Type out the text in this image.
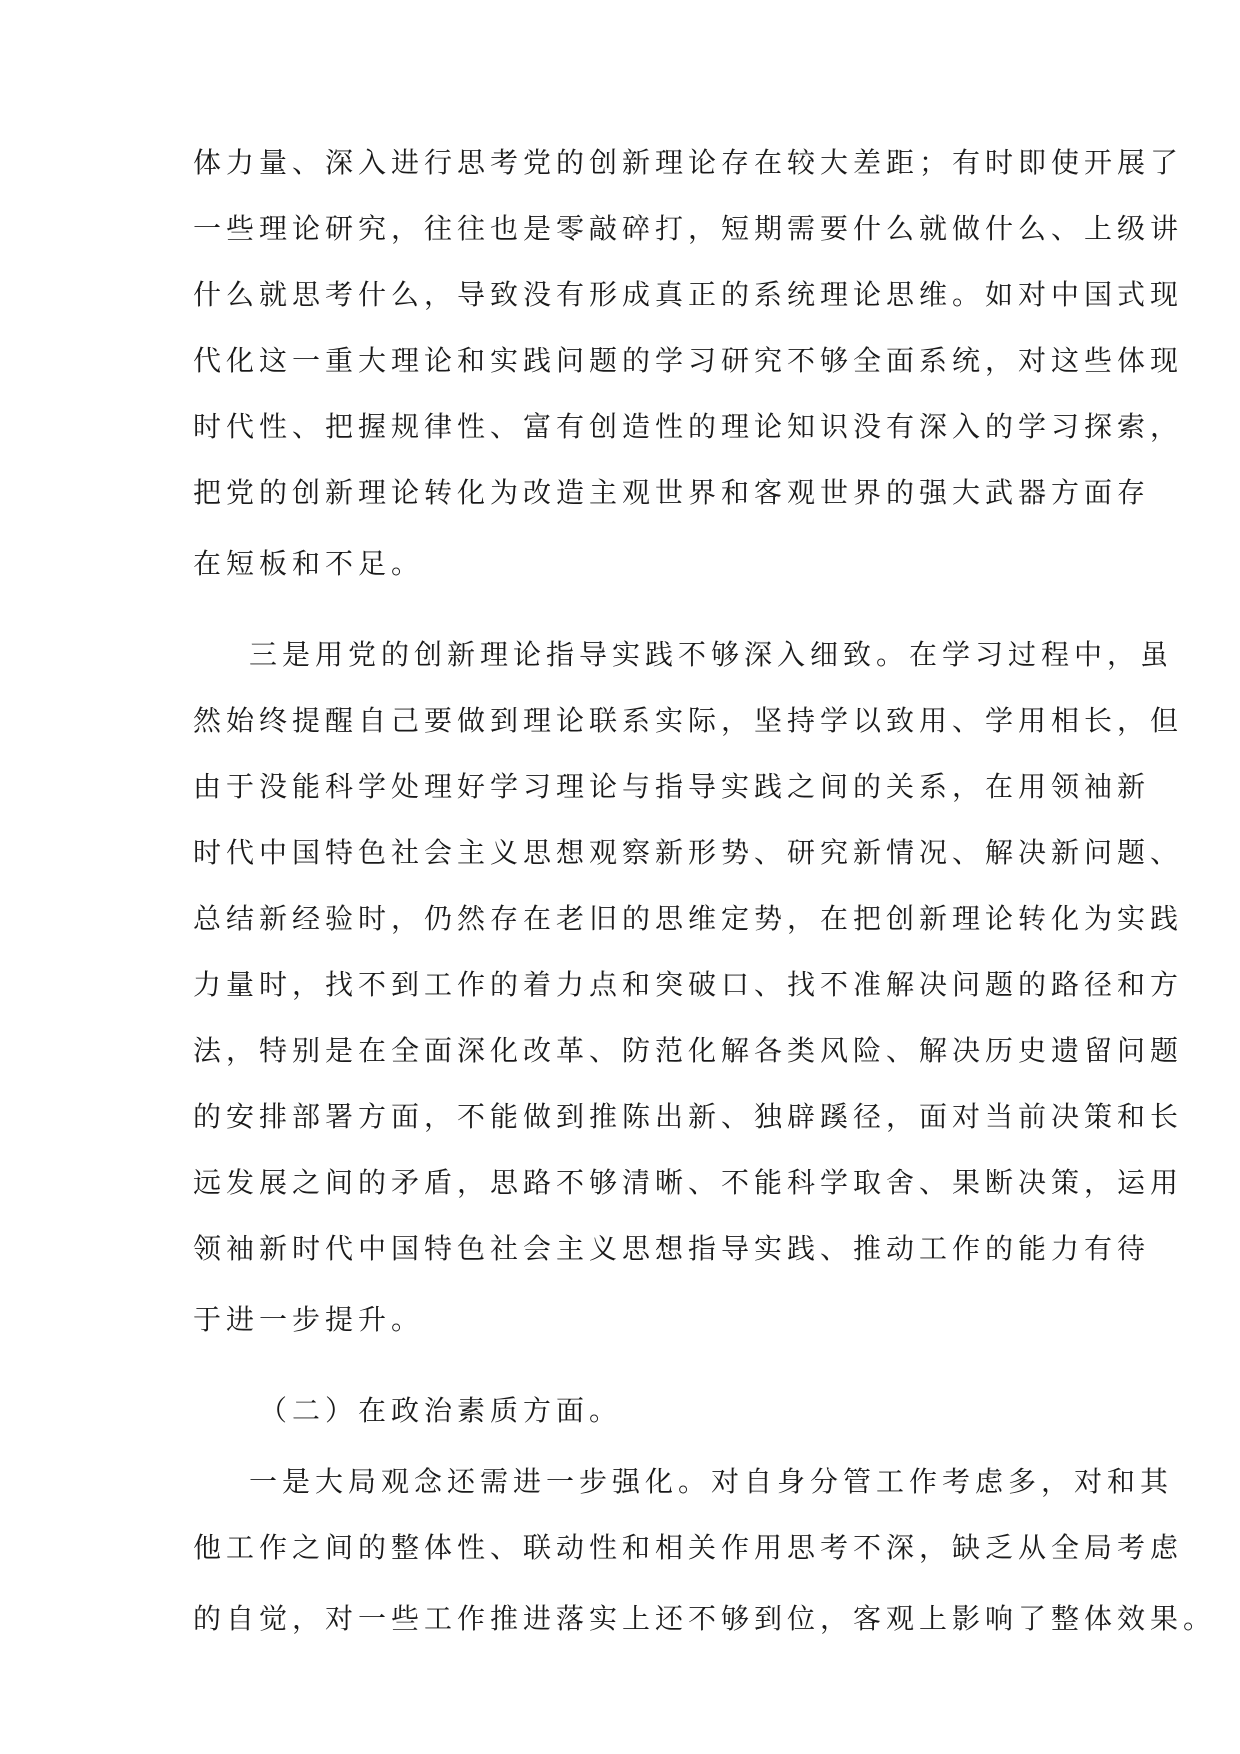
体力量、深入进行思考党的创新理论存在较大差距；有时即使开展了
一些理论研究，往往也是零敲碎打，短期需要什么就做什么、上级讲
什么就思考什么，导致没有形成真正的系统理论思维。如对中国式现
代化这一重大理论和实践问题的学习研究不够全面系统，对这些体现
时代性、把握规律性、富有创造性的理论知识没有深入的学习探索，
把党的创新理论转化为改造主观世界和客观世界的强大武器方面存
在短板和不足。
三是用党的创新理论指导实践不够深入细致。在学习过程中，虽
然始终提醒自己要做到理论联系实际，坚持学以致用、学用相长，但
由于没能科学处理好学习理论与指导实践之间的关系，在用领袖新
时代中国特色社会主义思想观察新形势、研究新情况、解决新问题、
总结新经验时，仍然存在老旧的思维定势，在把创新理论转化为实践
力量时，找不到工作的着力点和突破口、找不准解决问题的路径和方
法，特别是在全面深化改革、防范化解各类风险、解决历史遗留问题
的安排部署方面，不能做到推陈出新、独辟蹊径，面对当前决策和长
远发展之间的矛盾，思路不够清晰、不能科学取舍、果断决策，运用
领袖新时代中国特色社会主义思想指导实践、推动工作的能力有待
于进一步提升。
（二）在政治素质方面。
一是大局观念还需进一步强化。对自身分管工作考虑多，对和其
他工作之间的整体性、联动性和相关作用思考不深，缺乏从全局考虑
的自觉，对一些工作推进落实上还不够到位，客观上影响了整体效果。
